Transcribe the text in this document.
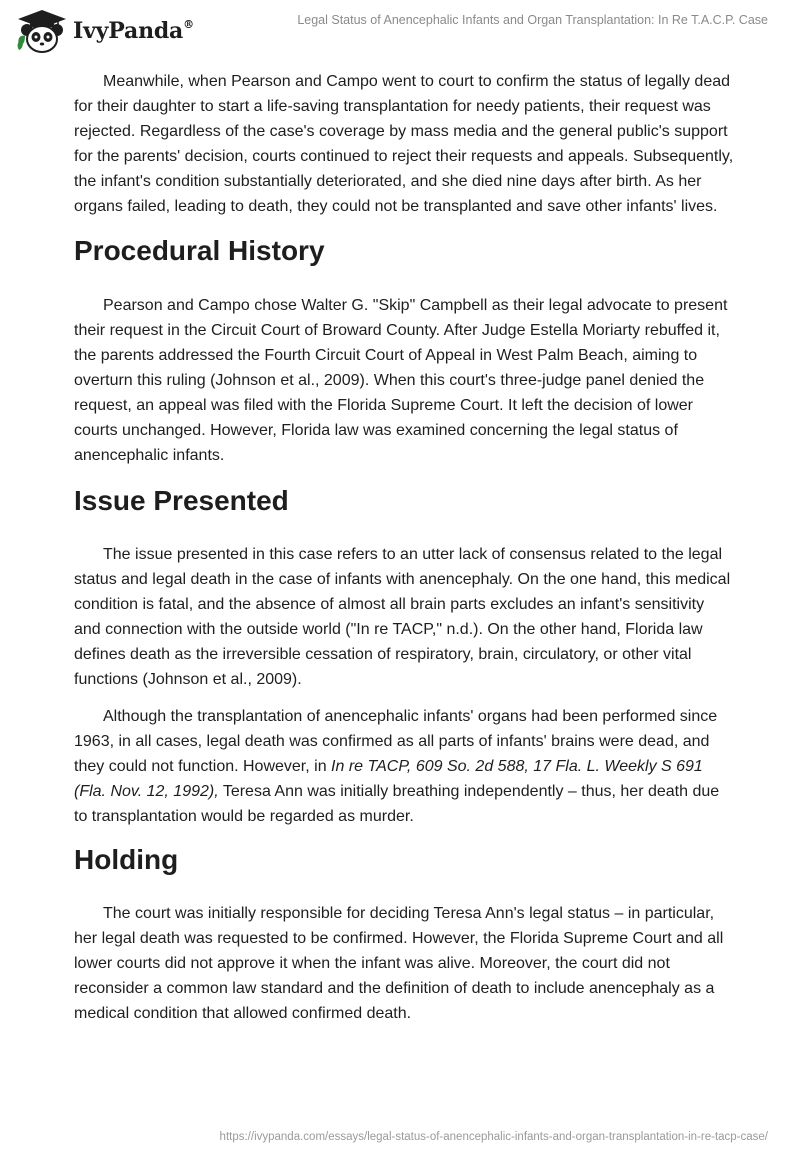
IvyPanda®	Legal Status of Anencephalic Infants and Organ Transplantation: In Re T.A.C.P. Case

Meanwhile, when Pearson and Campo went to court to confirm the status of legally dead for their daughter to start a life-saving transplantation for needy patients, their request was rejected. Regardless of the case's coverage by mass media and the general public's support for the parents' decision, courts continued to reject their requests and appeals. Subsequently, the infant's condition substantially deteriorated, and she died nine days after birth. As her organs failed, leading to death, they could not be transplanted and save other infants' lives.

Procedural History

Pearson and Campo chose Walter G. "Skip" Campbell as their legal advocate to present their request in the Circuit Court of Broward County. After Judge Estella Moriarty rebuffed it, the parents addressed the Fourth Circuit Court of Appeal in West Palm Beach, aiming to overturn this ruling (Johnson et al., 2009). When this court's three-judge panel denied the request, an appeal was filed with the Florida Supreme Court. It left the decision of lower courts unchanged. However, Florida law was examined concerning the legal status of anencephalic infants.

Issue Presented

The issue presented in this case refers to an utter lack of consensus related to the legal status and legal death in the case of infants with anencephaly. On the one hand, this medical condition is fatal, and the absence of almost all brain parts excludes an infant's sensitivity and connection with the outside world ("In re TACP," n.d.). On the other hand, Florida law defines death as the irreversible cessation of respiratory, brain, circulatory, or other vital functions (Johnson et al., 2009).

Although the transplantation of anencephalic infants' organs had been performed since 1963, in all cases, legal death was confirmed as all parts of infants' brains were dead, and they could not function. However, in In re TACP, 609 So. 2d 588, 17 Fla. L. Weekly S 691 (Fla. Nov. 12, 1992), Teresa Ann was initially breathing independently – thus, her death due to transplantation would be regarded as murder.

Holding

The court was initially responsible for deciding Teresa Ann's legal status – in particular, her legal death was requested to be confirmed. However, the Florida Supreme Court and all lower courts did not approve it when the infant was alive. Moreover, the court did not reconsider a common law standard and the definition of death to include anencephaly as a medical condition that allowed confirmed death.

https://ivypanda.com/essays/legal-status-of-anencephalic-infants-and-organ-transplantation-in-re-tacp-case/
